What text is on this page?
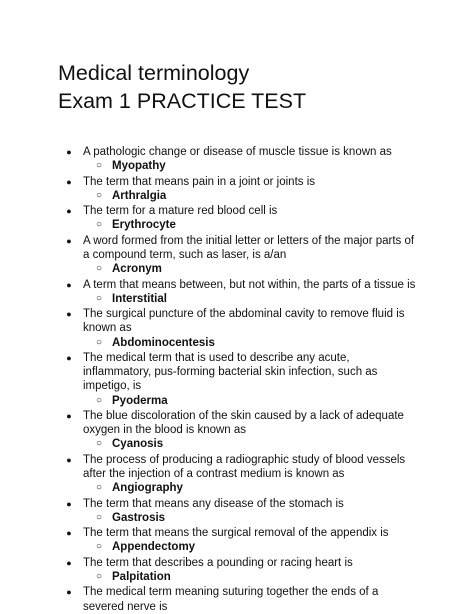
Medical terminology
Exam 1 PRACTICE TEST
● A pathologic change or disease of muscle tissue is known as
○ Myopathy
● The term that means pain in a joint or joints is
○ Arthralgia
● The term for a mature red blood cell is
○ Erythrocyte
● A word formed from the initial letter or letters of the major parts of a compound term, such as laser, is a/an
○ Acronym
● A term that means between, but not within, the parts of a tissue is
○ Interstitial
● The surgical puncture of the abdominal cavity to remove fluid is known as
○ Abdominocentesis
● The medical term that is used to describe any acute, inflammatory, pus-forming bacterial skin infection, such as impetigo, is
○ Pyoderma
● The blue discoloration of the skin caused by a lack of adequate oxygen in the blood is known as
○ Cyanosis
● The process of producing a radiographic study of blood vessels after the injection of a contrast medium is known as
○ Angiography
● The term that means any disease of the stomach is
○ Gastrosis
● The term that means the surgical removal of the appendix is
○ Appendectomy
● The term that describes a pounding or racing heart is
○ Palpitation
● The medical term meaning suturing together the ends of a severed nerve is
